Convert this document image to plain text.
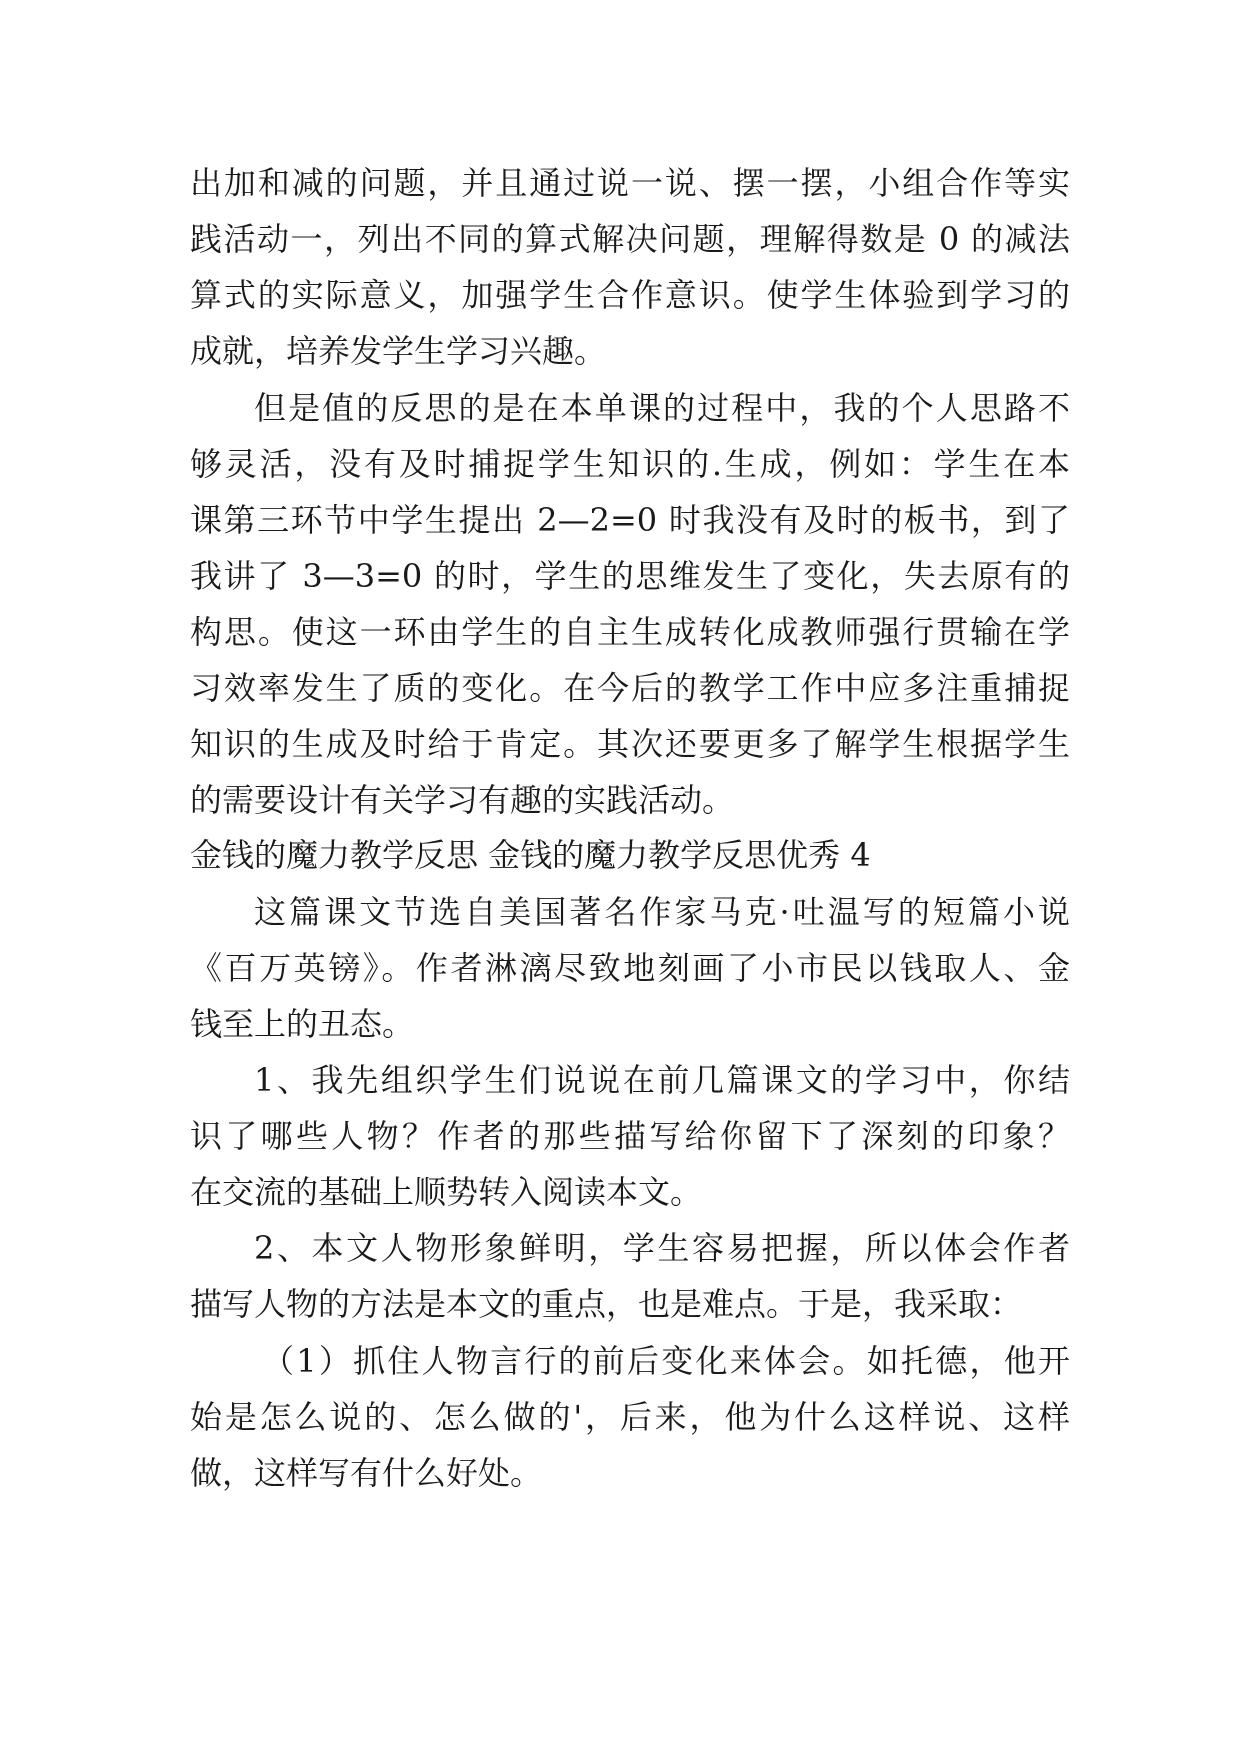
出加和减的问题，并且通过说一说、摆一摆，小组合作等实
践活动一，列出不同的算式解决问题，理解得数是 0 的减法
算式的实际意义，加强学生合作意识。使学生体验到学习的
成就，培养发学生学习兴趣。
但是值的反思的是在本单课的过程中，我的个人思路不
够灵活，没有及时捕捉学生知识的.生成，例如：学生在本
课第三环节中学生提出 2—2=0 时我没有及时的板书，到了
我讲了 3—3=0 的时，学生的思维发生了变化，失去原有的
构思。使这一环由学生的自主生成转化成教师强行贯输在学
习效率发生了质的变化。在今后的教学工作中应多注重捕捉
知识的生成及时给于肯定。其次还要更多了解学生根据学生
的需要设计有关学习有趣的实践活动。
金钱的魔力教学反思 金钱的魔力教学反思优秀 4
这篇课文节选自美国著名作家马克·吐温写的短篇小说
《百万英镑》。作者淋漓尽致地刻画了小市民以钱取人、金
钱至上的丑态。
1、我先组织学生们说说在前几篇课文的学习中，你结
识了哪些人物？作者的那些描写给你留下了深刻的印象？
在交流的基础上顺势转入阅读本文。
2、本文人物形象鲜明，学生容易把握，所以体会作者
描写人物的方法是本文的重点，也是难点。于是，我采取：
（1）抓住人物言行的前后变化来体会。如托德，他开
始是怎么说的、怎么做的'，后来，他为什么这样说、这样
做，这样写有什么好处。
